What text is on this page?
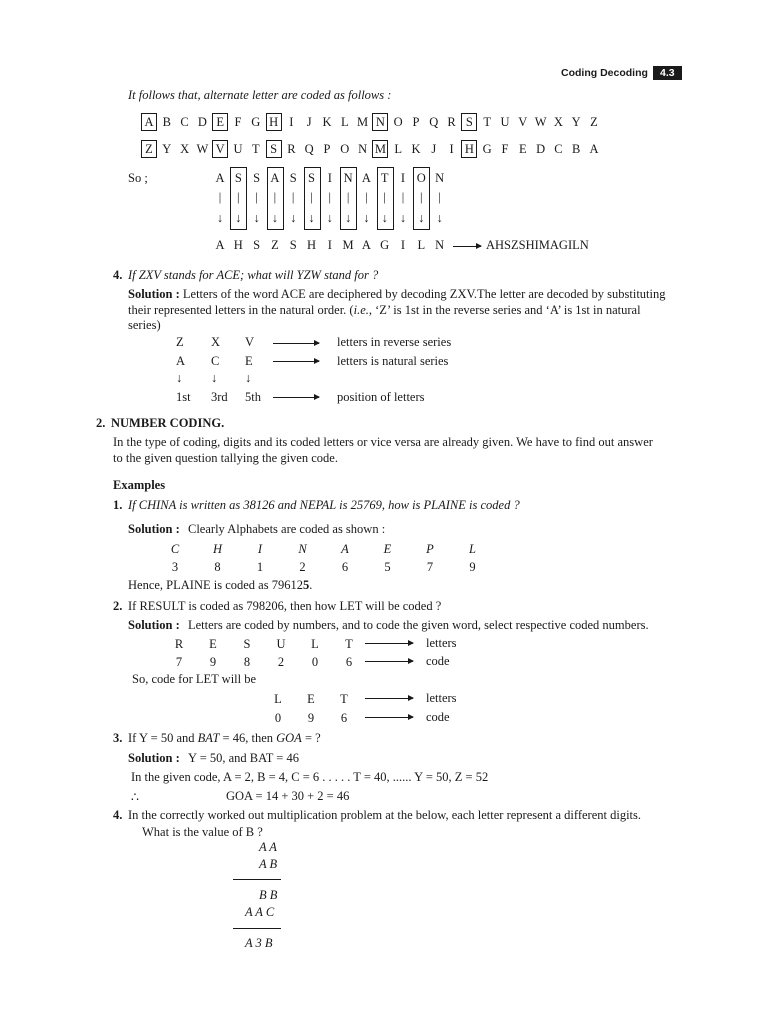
Coding Decoding	4.3
It follows that, alternate letter are coded as follows :
A B C D E F G H I	J K L M N O P Q R S T U V W X Y Z
Z Y X W V U T S R Q P O N M L K J	I H G F E D C B A
So ;	A S S A S S	I N A T I O N
|	|	|	|	|	|	|	|	|	|	|	|	|
↓ ↓ ↓ ↓ ↓ ↓ ↓ ↓ ↓ ↓ ↓ ↓ ↓
A H S Z S H I M A G I L N	AHSZSHIMAGILN
4. If ZXV stands for ACE; what will YZW stand for ?
Solution : Letters of the word ACE are deciphered by decoding ZXV.The letter are decoded by substituting
their represented letters in the natural order. (i.e., ‘Z’ is 1st in the reverse series and ‘A’ is 1st in natural
series)
Z X V	letters in reverse series
A C E	letters is natural series
↓ ↓ ↓
1st 3rd 5th	position of letters
2. NUMBER CODING.
In the type of coding, digits and its coded letters or vice versa are already given. We have to find out answer
to the given question tallying the given code.
Examples
1. If CHINA is written as 38126 and NEPAL is 25769, how is PLAINE is coded ?
Solution : Clearly Alphabets are coded as shown :
C	H	I	N	A	E	P	L
3	8	1	2	6	5	7	9
Hence, PLAINE is coded as 796125.
2. If RESULT is coded as 798206, then how LET will be coded ?
Solution : Letters are coded by numbers, and to code the given word, select respective coded numbers.
R E S U L T	letters
7	9	8	2	0	6	code
So, code for LET will be
L E T	letters
0	9	6	code
3. If Y = 50 and BAT = 46, then GOA = ?
Solution : Y = 50, and BAT = 46
In the given code, A = 2, B = 4, C = 6 . . . . . T = 40, ...... Y = 50, Z = 52
∴	GOA = 14 + 30 + 2 = 46
4. In the correctly worked out multiplication problem at the below, each letter represent a different digits.
What is the value of B ?
A A
A B
B B
A A C
A 3 B
